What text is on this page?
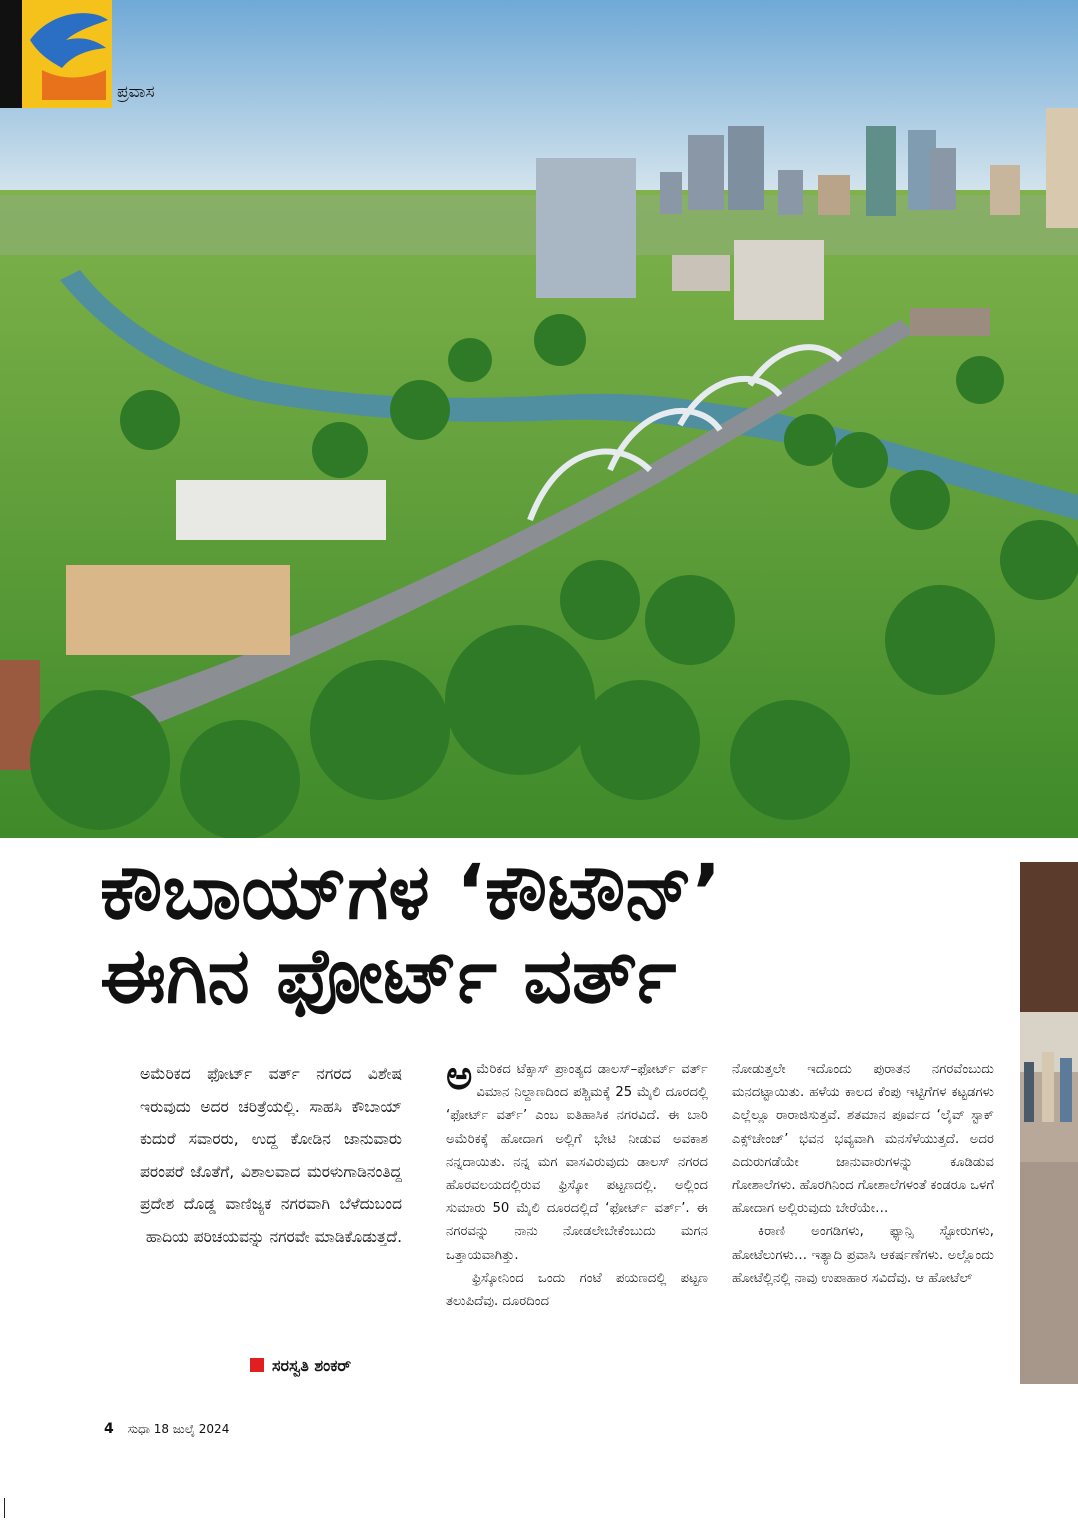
ಪ್ರವಾಸ
ಕೌಬಾಯ್‌ಗಳ ‘ಕೌಟೌನ್’
ಈಗಿನ ಫೋರ್ಟ್ ವರ್ತ್
ಅಮೆರಿಕದ ಫೋರ್ಟ್ ವರ್ತ್ ನಗರದ ವಿಶೇಷ ಇರುವುದು ಅದರ ಚರಿತ್ರೆಯಲ್ಲಿ. ಸಾಹಸಿ ಕೌಬಾಯ್ ಕುದುರೆ ಸವಾರರು, ಉದ್ದ ಕೋಡಿನ ಜಾನುವಾರು ಪರಂಪರೆ ಜೊತೆಗೆ, ವಿಶಾಲವಾದ ಮರಳುಗಾಡಿನಂತಿದ್ದ ಪ್ರದೇಶ ದೊಡ್ಡ ವಾಣಿಜ್ಯಕ ನಗರವಾಗಿ ಬೆಳೆದುಬಂದ ಹಾದಿಯ ಪರಿಚಯವನ್ನು ನಗರವೇ ಮಾಡಿಕೊಡುತ್ತದೆ.
ಸರಸ್ವತಿ ಶಂಕರ್

ಅಮೆರಿಕದ ಟೆಕ್ಸಾಸ್ ಪ್ರಾಂತ್ಯದ ಡಾಲಸ್–ಫೋರ್ಟ್ ವರ್ತ್ ವಿಮಾನ ನಿಲ್ದಾಣದಿಂದ ಪಶ್ಚಿಮಕ್ಕೆ 25 ಮೈಲಿ ದೂರದಲ್ಲಿ ‘ಫೋರ್ಟ್ ವರ್ತ್’ ಎಂಬ ಐತಿಹಾಸಿಕ ನಗರವಿದೆ. ಈ ಬಾರಿ ಅಮೆರಿಕಕ್ಕೆ ಹೋದಾಗ ಅಲ್ಲಿಗೆ ಭೇಟಿ ನೀಡುವ ಅವಕಾಶ ನನ್ನದಾಯಿತು. ನನ್ನ ಮಗ ವಾಸವಿರುವುದು ಡಾಲಸ್ ನಗರದ ಹೊರವಲಯದಲ್ಲಿರುವ ಫ್ರಿಸ್ಕೋ ಪಟ್ಟಣದಲ್ಲಿ. ಅಲ್ಲಿಂದ ಸುಮಾರು 50 ಮೈಲಿ ದೂರದಲ್ಲಿದೆ ‘ಫೋರ್ಟ್ ವರ್ತ್’. ಈ ನಗರವನ್ನು ನಾನು ನೋಡಲೇಬೇಕೆಂಬುದು ಮಗನ ಒತ್ತಾಯವಾಗಿತ್ತು.

ಫ್ರಿಸ್ಕೋನಿಂದ ಒಂದು ಗಂಟೆ ಪಯಣದಲ್ಲಿ ಪಟ್ಟಣ ತಲುಪಿದೆವು. ದೂರದಿಂದ

ನೋಡುತ್ತಲೇ ಇದೊಂದು ಪುರಾತನ ನಗರವೆಂಬುದು ಮನದಟ್ಟಾಯಿತು. ಹಳೆಯ ಕಾಲದ ಕೆಂಪು ಇಟ್ಟಿಗೆಗಳ ಕಟ್ಟಡಗಳು ಎಲ್ಲೆಲ್ಲೂ ರಾರಾಜಿಸುತ್ತವೆ. ಶತಮಾನ ಪೂರ್ವದ ‘ಲೈವ್ ಸ್ಟಾಕ್ ಎಕ್ಸ್‌ಚೇಂಜ್’ ಭವನ ಭವ್ಯವಾಗಿ ಮನಸೆಳೆಯುತ್ತದೆ. ಅದರ ಎದುರುಗಡೆಯೇ ಜಾನುವಾರುಗಳನ್ನು ಕೂಡಿಡುವ ಗೋಶಾಲೆಗಳು. ಹೊರಗಿನಿಂದ ಗೋಶಾಲೆಗಳಂತೆ ಕಂಡರೂ ಒಳಗೆ ಹೋದಾಗ ಅಲ್ಲಿರುವುದು ಬೇರೆಯೇ…

ಕಿರಾಣಿ ಅಂಗಡಿಗಳು, ಫ್ಯಾನ್ಸಿ ಸ್ಟೋರುಗಳು, ಹೋಟೆಲುಗಳು… ಇತ್ಯಾದಿ ಪ್ರವಾಸಿ ಆಕರ್ಷಣೆಗಳು. ಅಲ್ಲೊಂದು ಹೋಟೆಲ್ಲಿನಲ್ಲಿ ನಾವು ಉಪಾಹಾರ ಸವಿದೆವು. ಆ ಹೋಟೆಲ್

4 ಸುಧಾ 18 ಜುಲೈ 2024
